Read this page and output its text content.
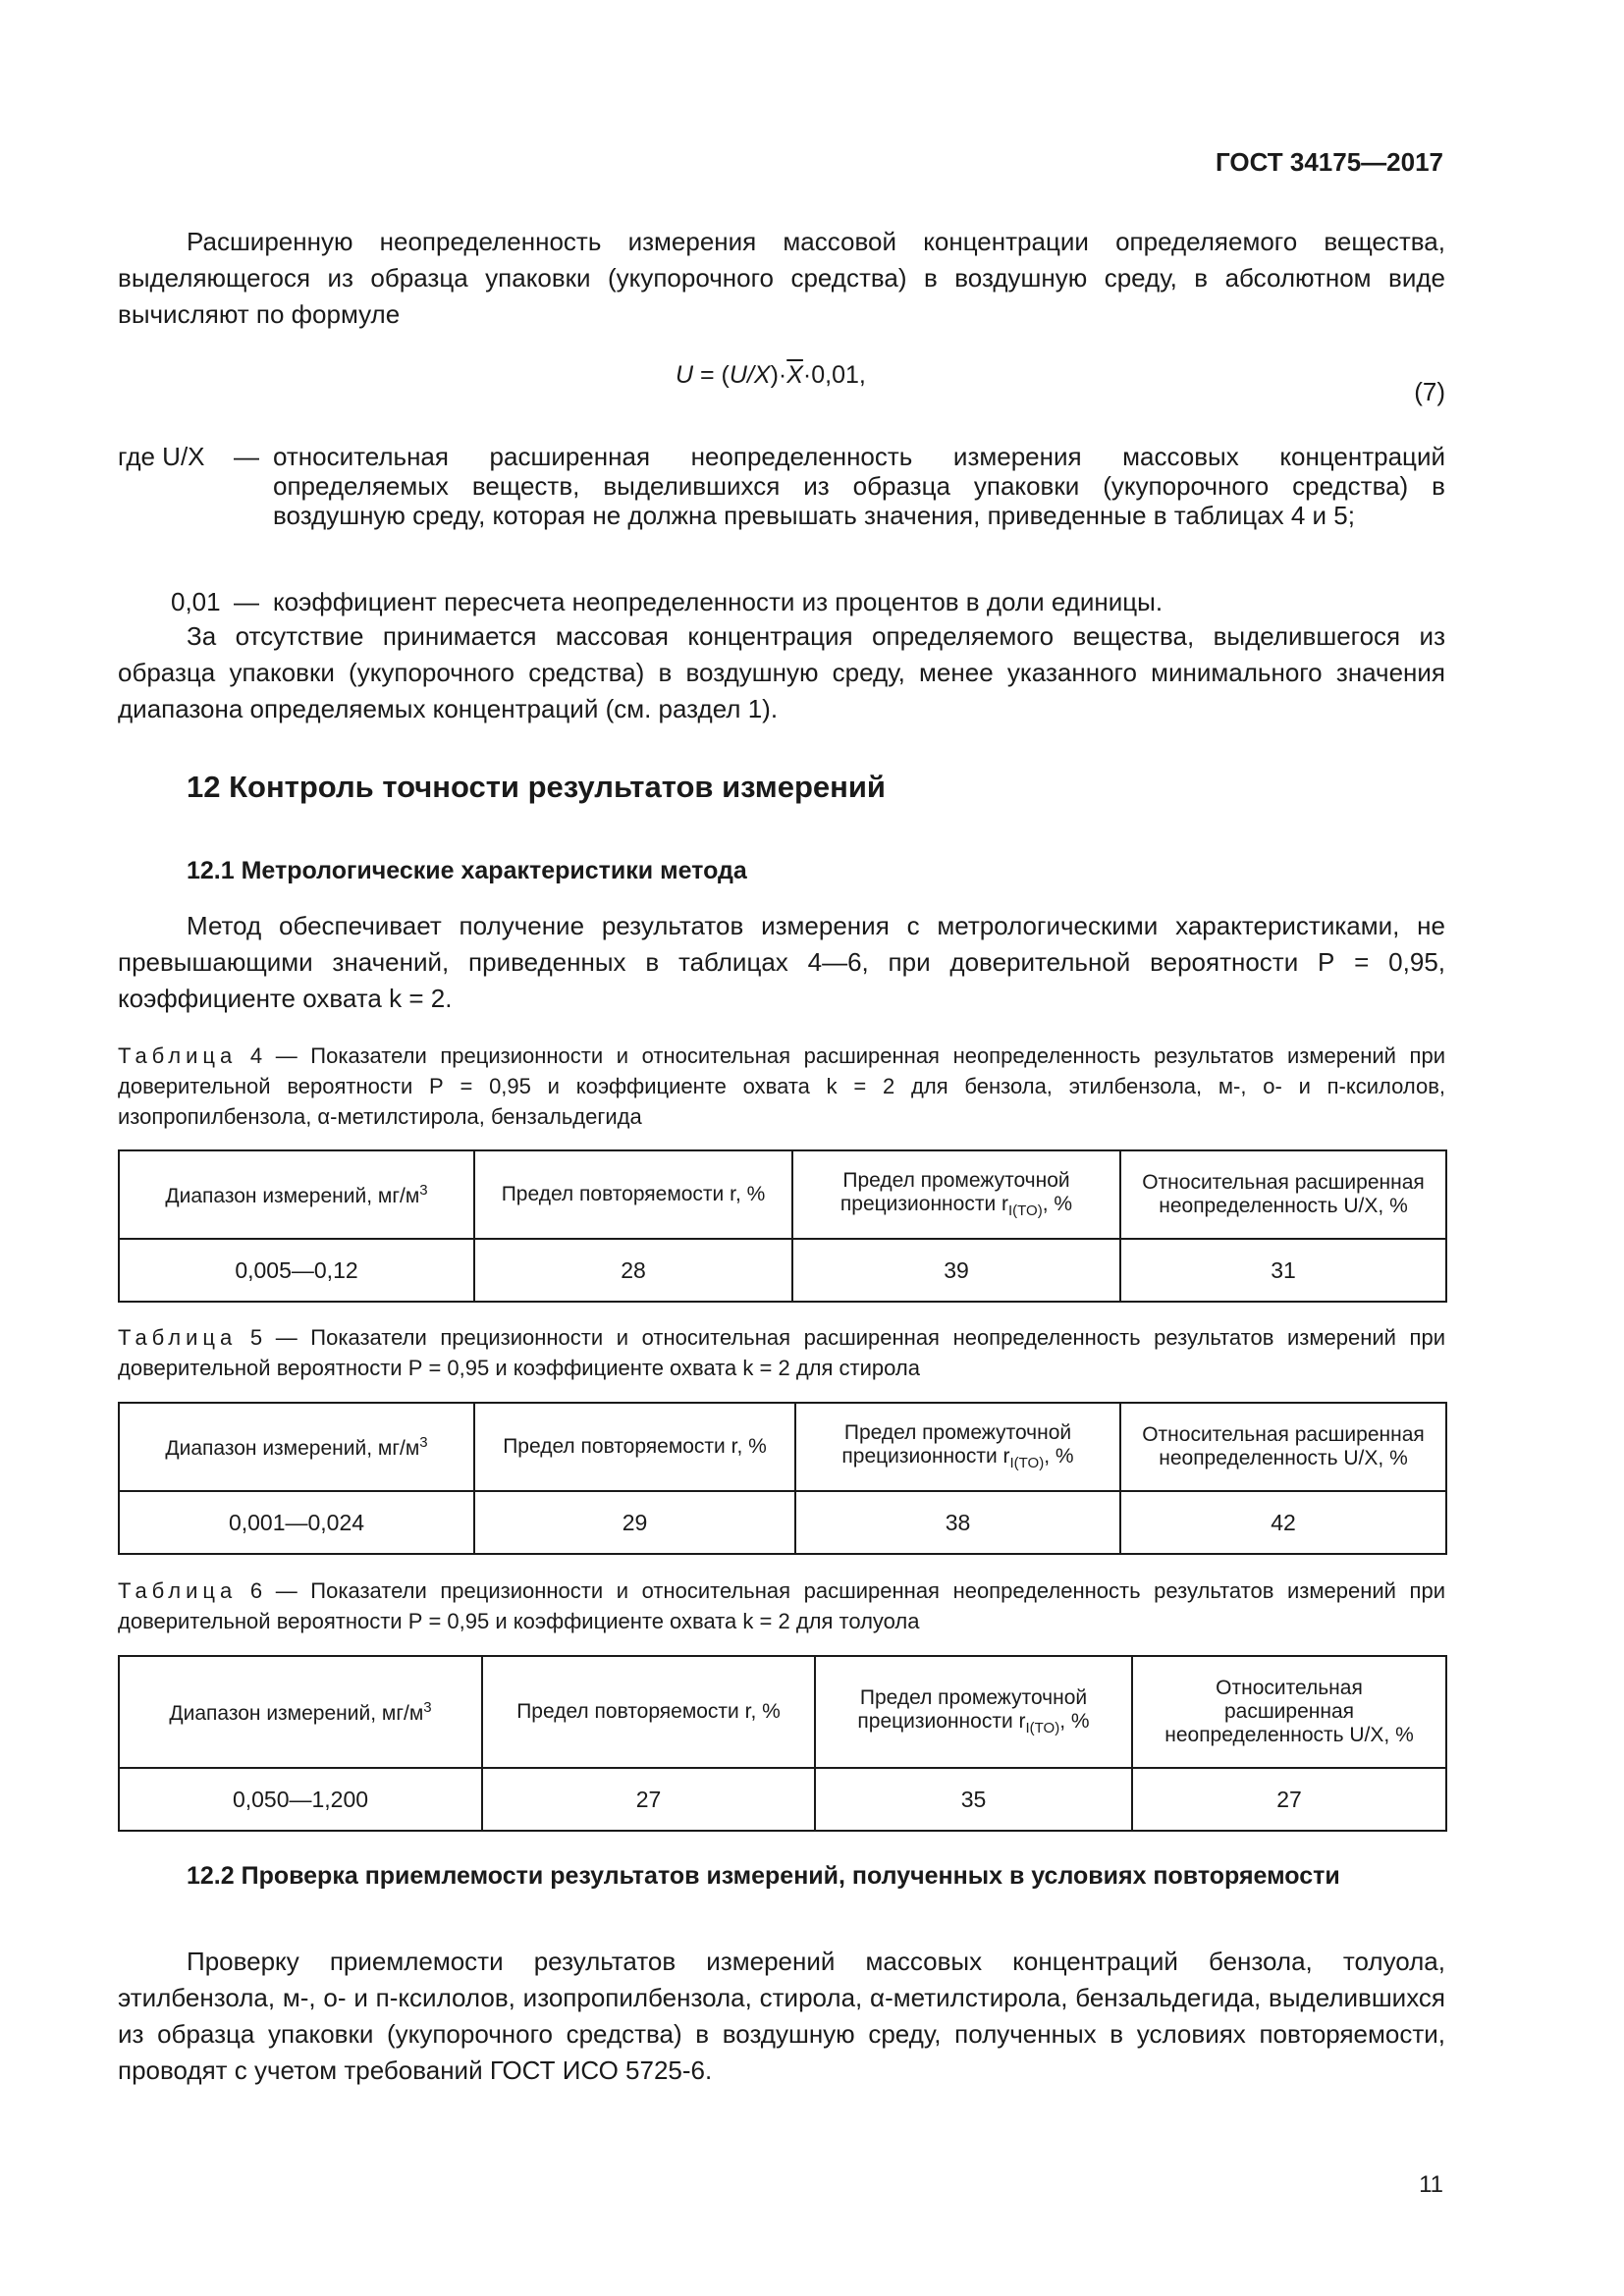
ГОСТ 34175—2017

Расширенную неопределенность измерения массовой концентрации определяемого вещества, выделяющегося из образца упаковки (укупорочного средства) в воздушную среду, в абсолютном виде вычисляют по формуле

$U = (U/X)\cdot\overline{X}\cdot 0,01$,
(7)
где U/X — относительная расширенная неопределенность измерения массовых концентраций определяемых веществ, выделившихся из образца упаковки (укупорочного средства) в воздушную среду, которая не должна превышать значения, приведенные в таблицах 4 и 5;

0,01 — коэффициент пересчета неопределенности из процентов в доли единицы.

За отсутствие принимается массовая концентрация определяемого вещества, выделившегося из образца упаковки (укупорочного средства) в воздушную среду, менее указанного минимального значения диапазона определяемых концентраций (см. раздел 1).

12 Контроль точности результатов измерений
12.1 Метрологические характеристики метода

Метод обеспечивает получение результатов измерения с метрологическими характеристиками, не превышающими значений, приведенных в таблицах 4—6, при доверительной вероятности Р = 0,95, коэффициенте охвата k = 2.

Таблица 4 — Показатели прецизионности и относительная расширенная неопределенность результатов измерений при доверительной вероятности Р = 0,95 и коэффициенте охвата k = 2 для бензола, этилбензола, м-, о- и п-ксилолов, изопропилбензола, α-метилстирола, бензальдегида

Диапазон измерений, $мг/м^3$	Предел повторяемости r, %	Предел промежуточной прецизионности $r_{I(TO)}$, %	Относительная расширенная неопределенность U/X, %
0,005—0,12	28	39	31

Таблица 5 — Показатели прецизионности и относительная расширенная неопределенность результатов измерений при доверительной вероятности Р = 0,95 и коэффициенте охвата k = 2 для стирола

Диапазон измерений, $мг/м^3$	Предел повторяемости r, %	Предел промежуточной прецизионности $r_{I(TO)}$, %	Относительная расширенная неопределенность U/X, %
0,001—0,024	29	38	42

Таблица 6 — Показатели прецизионности и относительная расширенная неопределенность результатов измерений при доверительной вероятности Р = 0,95 и коэффициенте охвата k = 2 для толуола

Диапазон измерений, $мг/м^3$	Предел повторяемости r, %	Предел промежуточной прецизионности $r_{I(TO)}$, %	Относительная расширенная неопределенность U/X, %
0,050—1,200	27	35	27
12.2 Проверка приемлемости результатов измерений, полученных в условиях повторяемости

Проверку приемлемости результатов измерений массовых концентраций бензола, толуола, этилбензола, м-, о- и п-ксилолов, изопропилбензола, стирола, α-метилстирола, бензальдегида, выделившихся из образца упаковки (укупорочного средства) в воздушную среду, полученных в условиях повторяемости, проводят с учетом требований ГОСТ ИСО 5725-6.

11
